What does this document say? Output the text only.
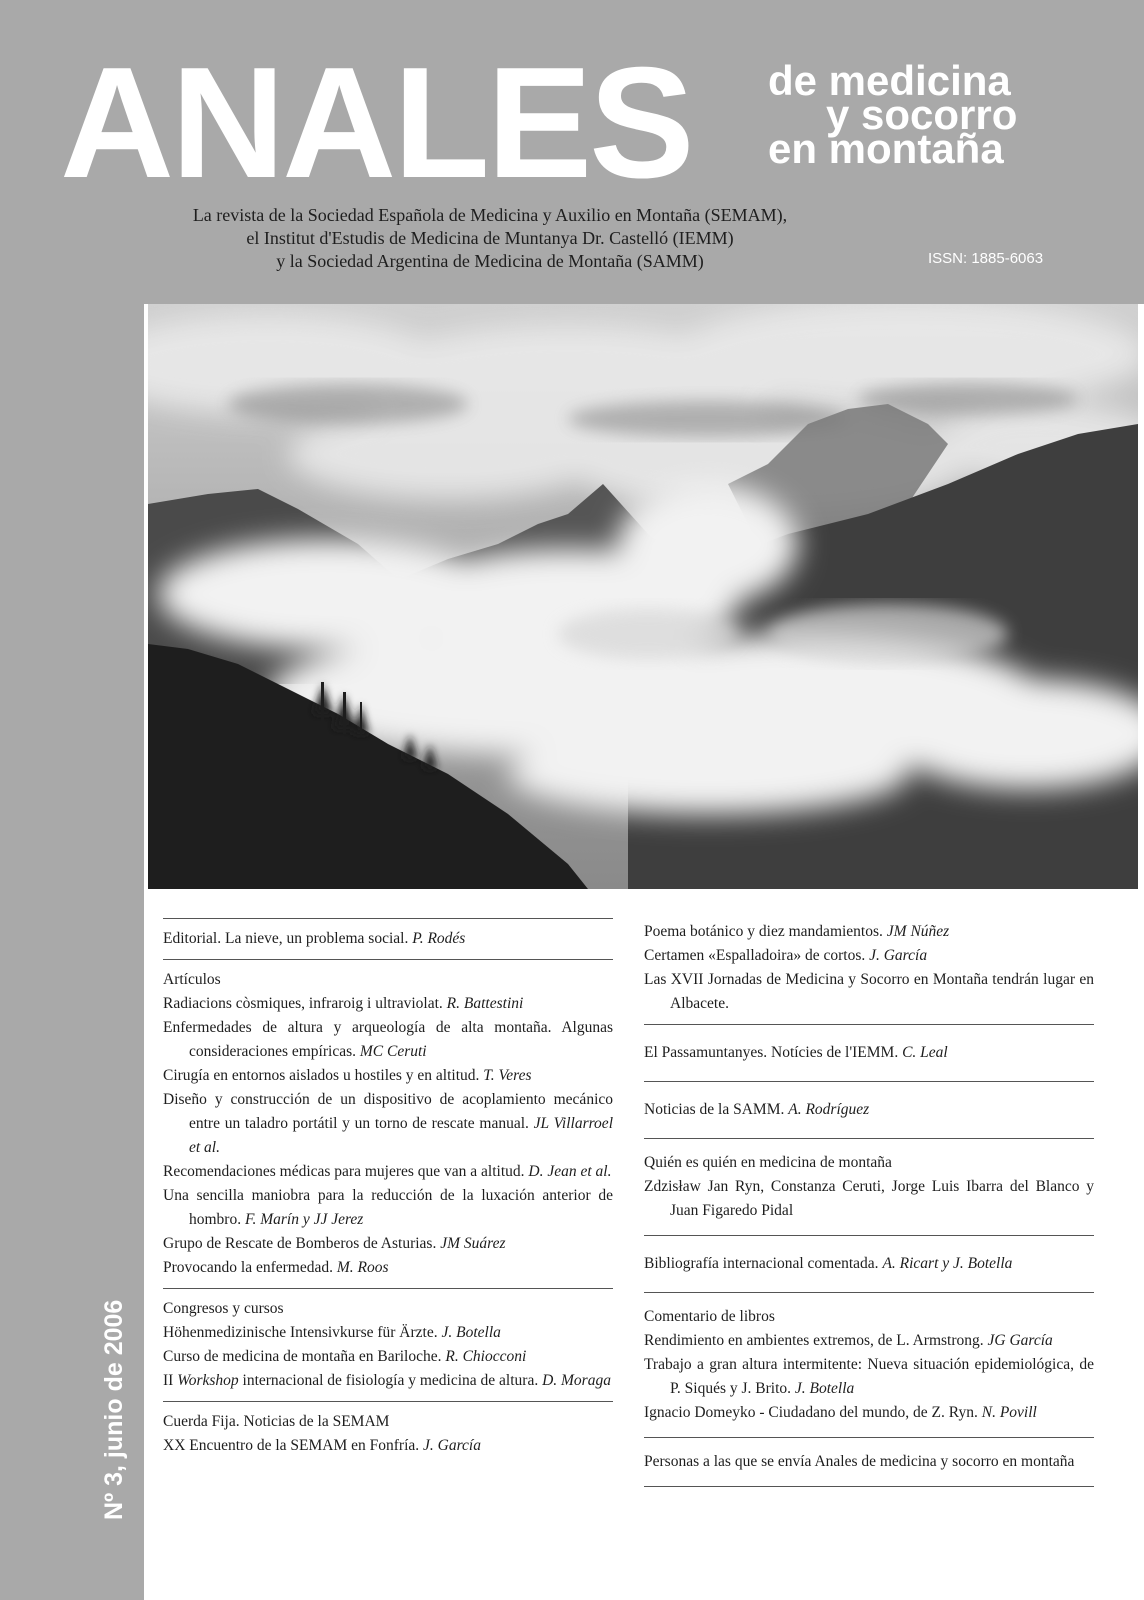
ANALES de medicina
y socorro
en montaña
La revista de la Sociedad Española de Medicina y Auxilio en Montaña (SEMAM),
el Institut d'Estudis de Medicina de Muntanya Dr. Castelló (IEMM)
y la Sociedad Argentina de Medicina de Montaña (SAMM)	ISSN: 1885-6063
Nº 3, junio de 2006
Editorial. La nieve, un problema social. P. Rodés
Artículos
Radiacions còsmiques, infraroig i ultraviolat. R. Battestini
Enfermedades de altura y arqueología de alta montaña. Algunas consideraciones empíricas. MC Ceruti
Cirugía en entornos aislados u hostiles y en altitud. T. Veres
Diseño y construcción de un dispositivo de acoplamiento mecánico entre un taladro portátil y un torno de rescate manual. JL Villarroel et al.
Recomendaciones médicas para mujeres que van a altitud. D. Jean et al.
Una sencilla maniobra para la reducción de la luxación anterior de hombro. F. Marín y JJ Jerez
Grupo de Rescate de Bomberos de Asturias. JM Suárez
Provocando la enfermedad. M. Roos
Congresos y cursos
Höhenmedizinische Intensivkurse für Ärzte. J. Botella
Curso de medicina de montaña en Bariloche. R. Chiocconi
II Workshop internacional de fisiología y medicina de altura. D. Moraga
Cuerda Fija. Noticias de la SEMAM
XX Encuentro de la SEMAM en Fonfría. J. García
Poema botánico y diez mandamientos. JM Núñez
Certamen «Espalladoira» de cortos. J. García
Las XVII Jornadas de Medicina y Socorro en Montaña tendrán lugar en Albacete.
El Passamuntanyes. Notícies de l'IEMM. C. Leal
Noticias de la SAMM. A. Rodríguez
Quién es quién en medicina de montaña
Zdzisław Jan Ryn, Constanza Ceruti, Jorge Luis Ibarra del Blanco y Juan Figaredo Pidal
Bibliografía internacional comentada. A. Ricart y J. Botella
Comentario de libros
Rendimiento en ambientes extremos, de L. Armstrong. JG García
Trabajo a gran altura intermitente: Nueva situación epidemiológica, de P. Siqués y J. Brito. J. Botella
Ignacio Domeyko - Ciudadano del mundo, de Z. Ryn. N. Povill
Personas a las que se envía Anales de medicina y socorro en montaña
